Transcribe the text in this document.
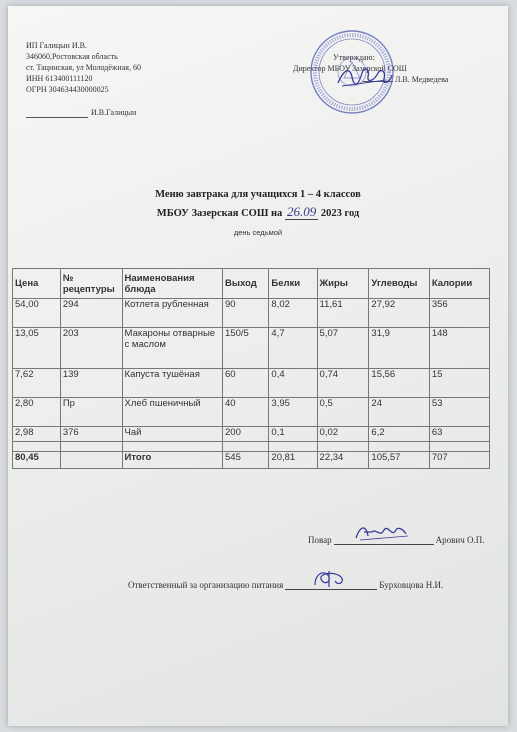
ИП Галицын И.В.
346060,Ростовская область
ст. Тацинская, ул Молодёжная, 60
ИНН 613400111120
ОГРН 304634430000025
И.В.Галицын
Утверждаю:
Директор МБОУ Зазерской СОШ
Л.В. Медведева
Меню завтрака для учащихся 1 – 4 классов
МБОУ Зазерская СОШ на 26.09 2023 год
день седьмой
Цена	№ рецептуры	Наименования блюда	Выход	Белки	Жиры	Углеводы	Калории
54,00	294	Котлета рубленная	90	8,02	11,61	27,92	356
13,05	203	Макароны отварные с маслом	150/5	4,7	5,07	31,9	148
7,62	139	Капуста тушёная	60	0,4	0,74	15,56	15
2,80	Пр	Хлеб пшеничный	40	3,95	0,5	24	53
2,98	376	Чай	200	0,1	0,02	6,2	63

80,45		Итого	545	20,81	22,34	105,57	707
Повар	Арович О.П.
Ответственный за организацию питания	Бурховцова Н.И.
